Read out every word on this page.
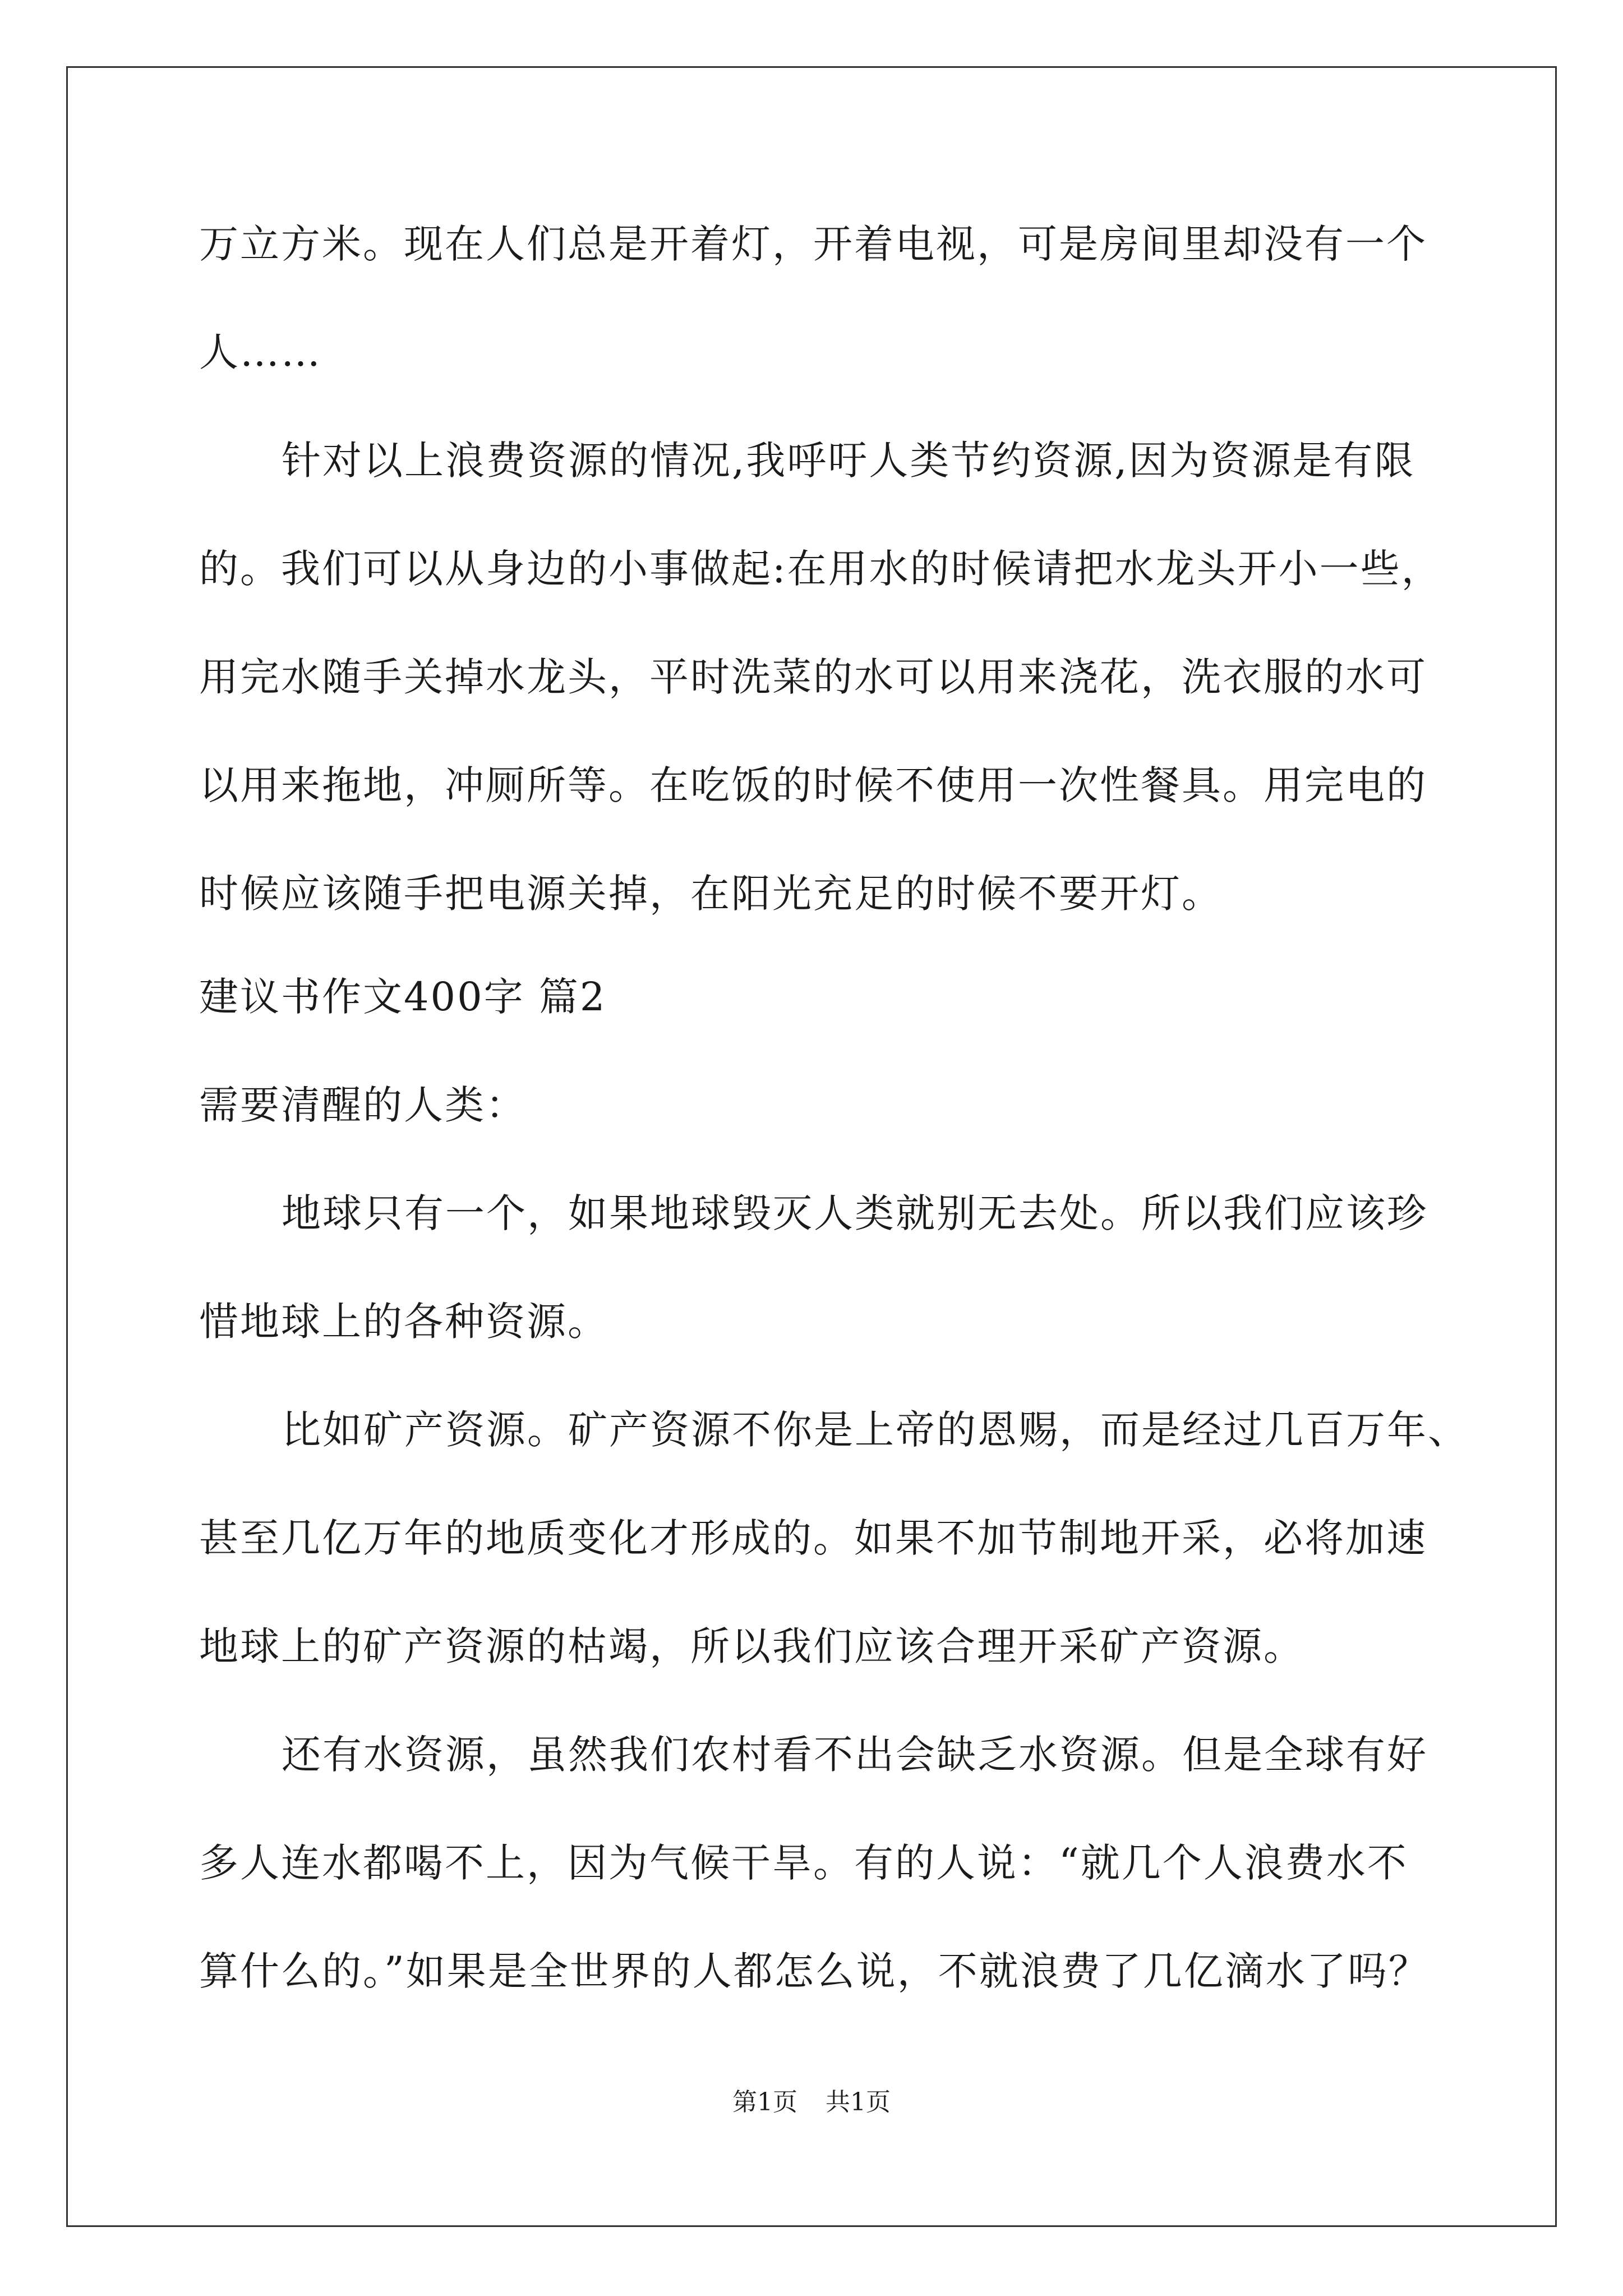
万立方米。现在人们总是开着灯，开着电视，可是房间里却没有一个
人……
针对以上浪费资源的情况,我呼吁人类节约资源,因为资源是有限
的。我们可以从身边的小事做起:在用水的时候请把水龙头开小一些，
用完水随手关掉水龙头，平时洗菜的水可以用来浇花，洗衣服的水可
以用来拖地，冲厕所等。在吃饭的时候不使用一次性餐具。用完电的
时候应该随手把电源关掉，在阳光充足的时候不要开灯。
建议书作文400字 篇2
需要清醒的人类：
地球只有一个，如果地球毁灭人类就别无去处。所以我们应该珍
惜地球上的各种资源。
比如矿产资源。矿产资源不你是上帝的恩赐，而是经过几百万年、
甚至几亿万年的地质变化才形成的。如果不加节制地开采，必将加速
地球上的矿产资源的枯竭，所以我们应该合理开采矿产资源。
还有水资源，虽然我们农村看不出会缺乏水资源。但是全球有好
多人连水都喝不上，因为气候干旱。有的人说：“就几个人浪费水不
算什么的。”如果是全世界的人都怎么说，不就浪费了几亿滴水了吗？
第1页 共1页
